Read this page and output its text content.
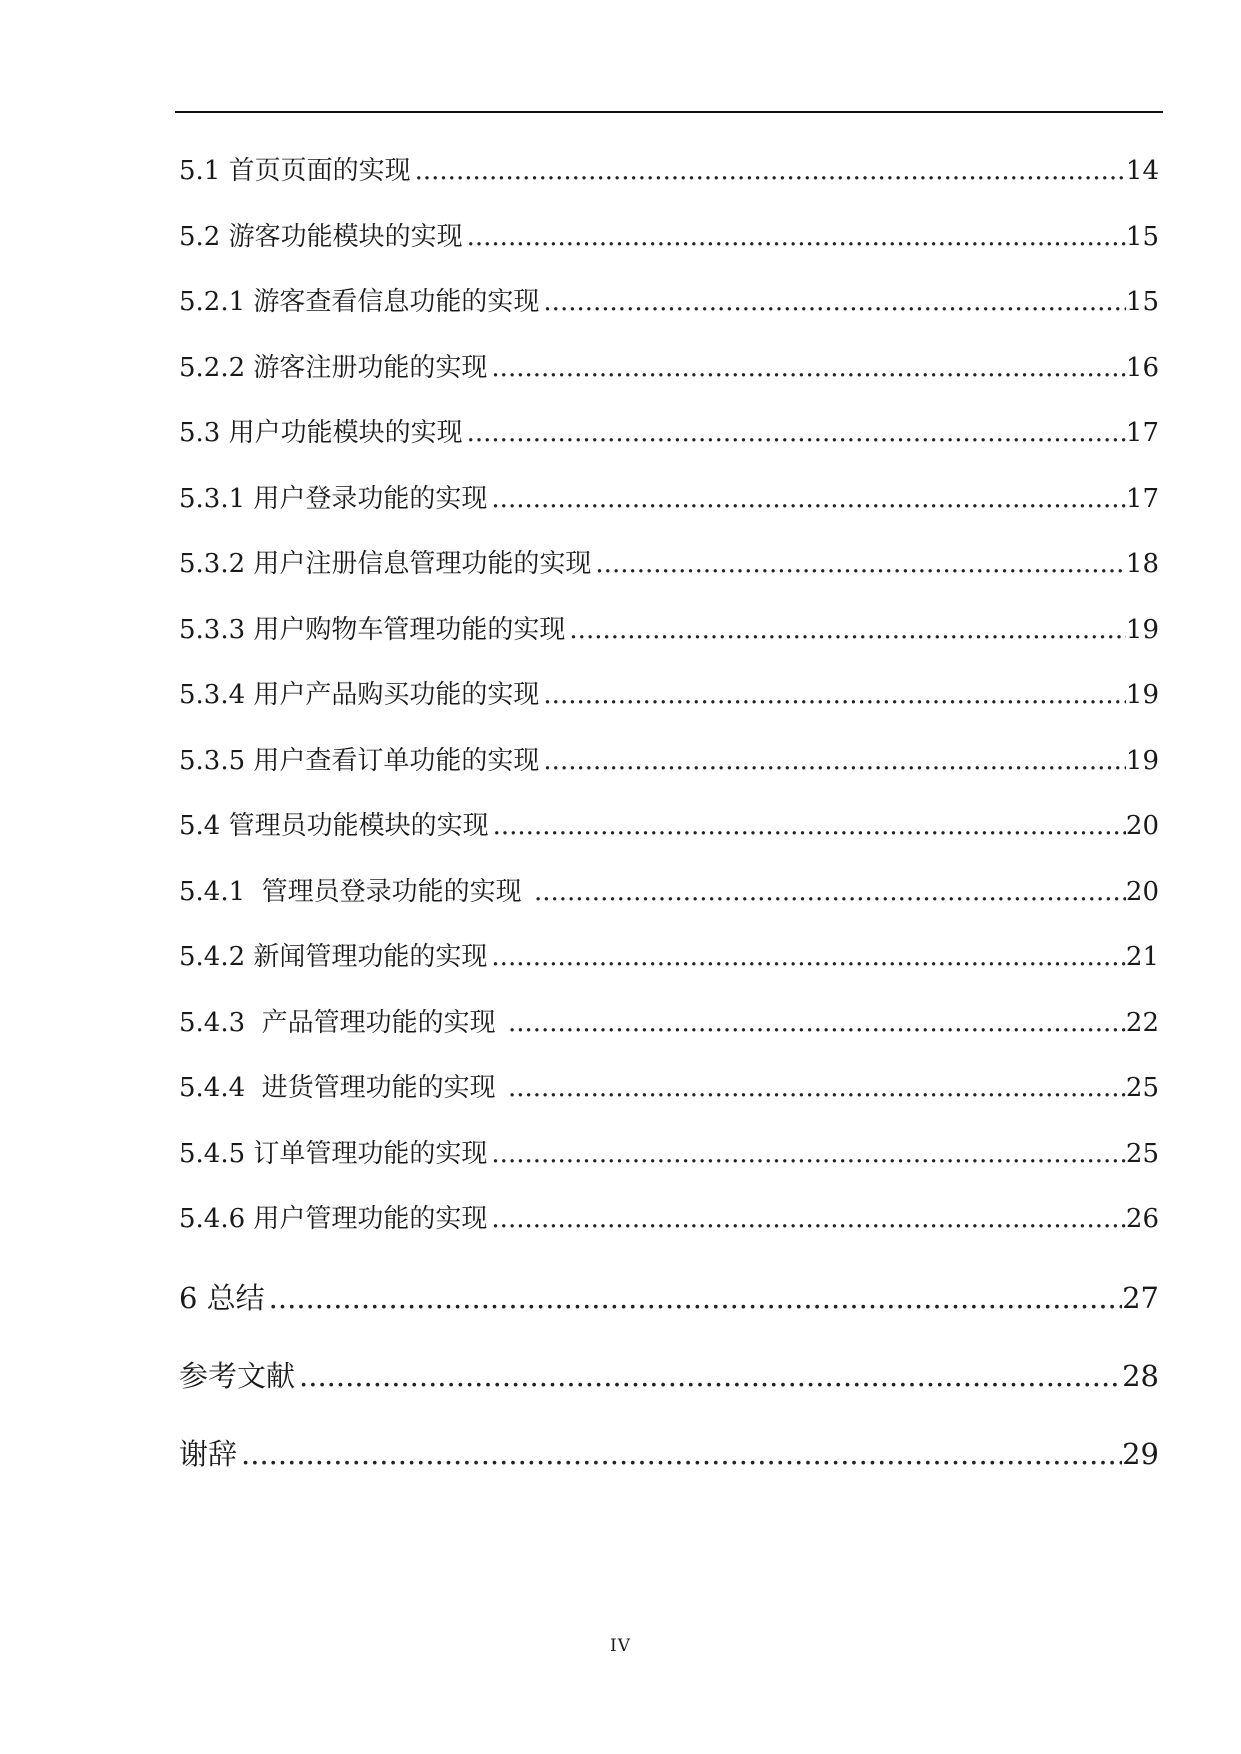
5.1 首页页面的实现 .....	14
5.2 游客功能模块的实现 .....	15
5.2.1 游客查看信息功能的实现 .....	15
5.2.2 游客注册功能的实现 .....	16
5.3 用户功能模块的实现 .....	17
5.3.1 用户登录功能的实现 .....	17
5.3.2 用户注册信息管理功能的实现 .....	18
5.3.3 用户购物车管理功能的实现 .....	19
5.3.4 用户产品购买功能的实现 .....	19
5.3.5 用户查看订单功能的实现 .....	19
5.4 管理员功能模块的实现 .....	20
5.4.1  管理员登录功能的实现 .....	20
5.4.2 新闻管理功能的实现 .....	21
5.4.3  产品管理功能的实现 .....	22
5.4.4  进货管理功能的实现 .....	25
5.4.5 订单管理功能的实现 .....	25
5.4.6 用户管理功能的实现 .....	26
6 总结 .....	27
参考文献 .....	28
谢辞 .....	29
IV
